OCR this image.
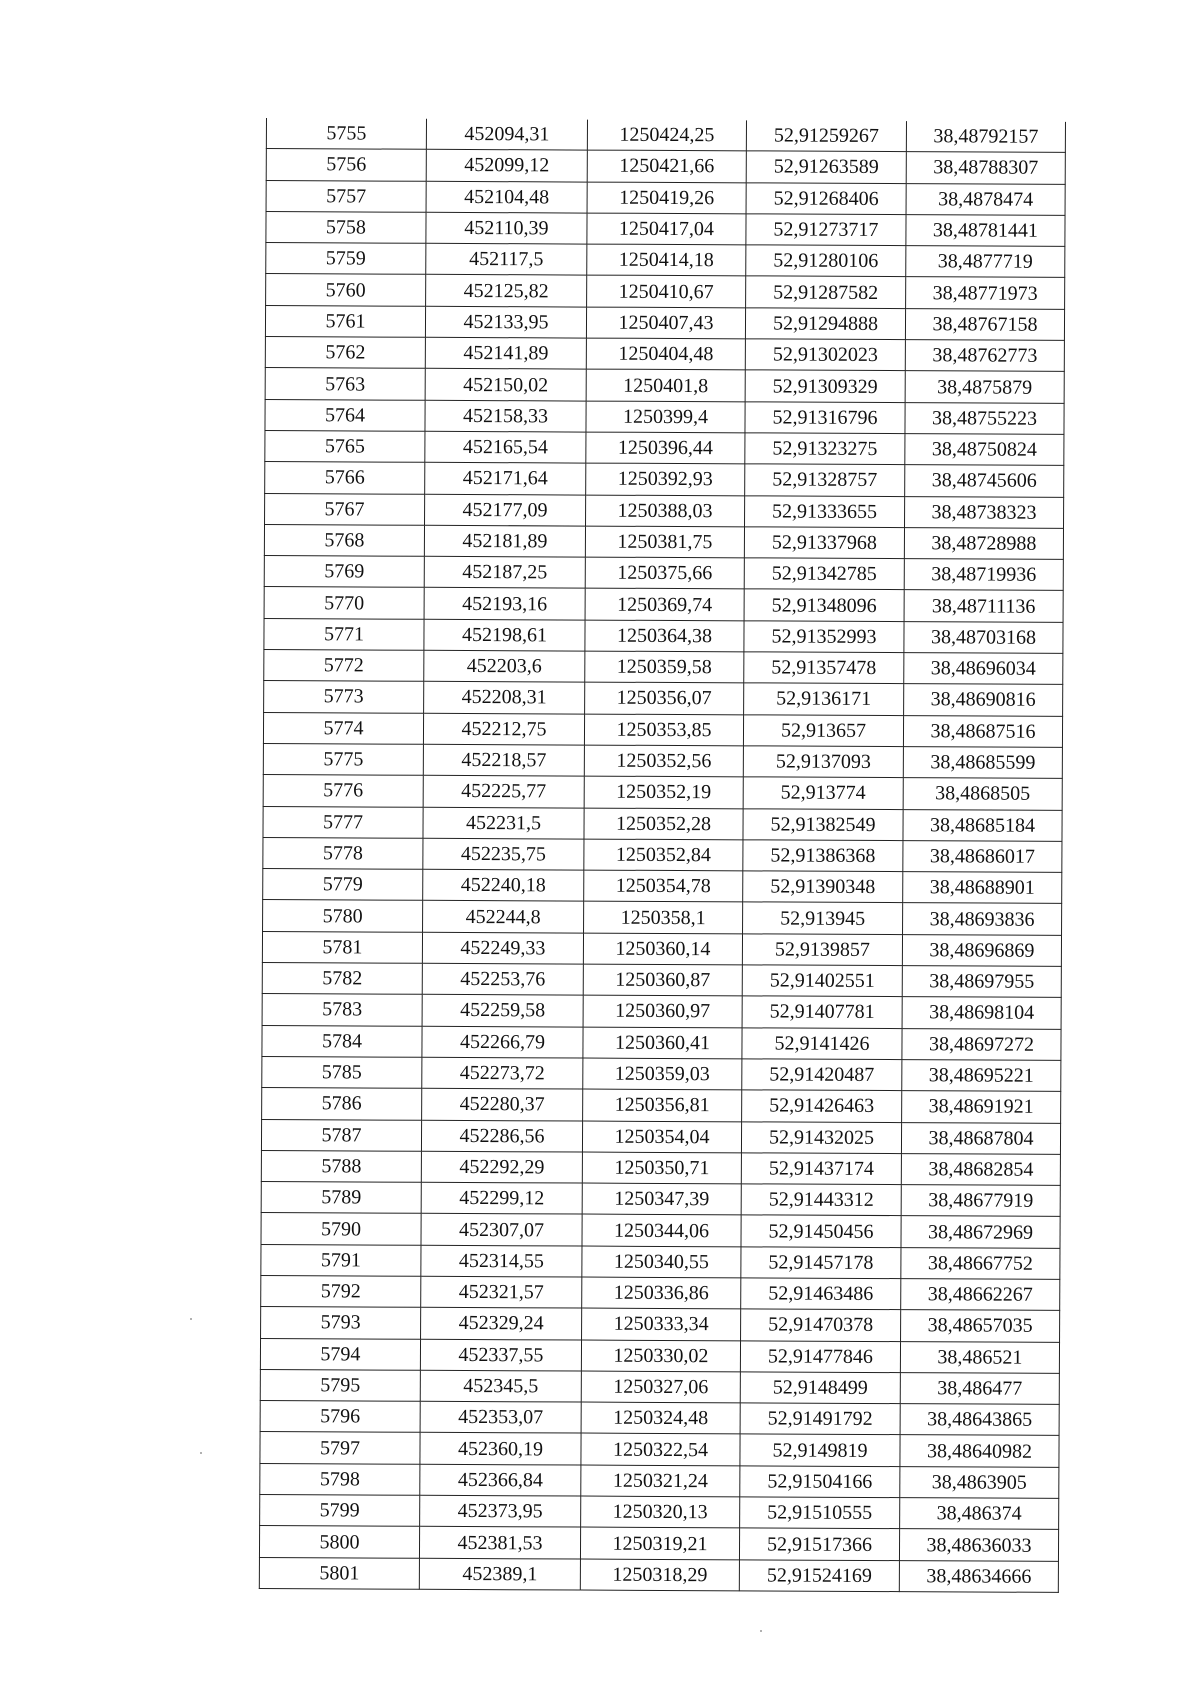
5755	452094,31	1250424,25	52,91259267	38,48792157
5756	452099,12	1250421,66	52,91263589	38,48788307
5757	452104,48	1250419,26	52,91268406	38,4878474
5758	452110,39	1250417,04	52,91273717	38,48781441
5759	452117,5	1250414,18	52,91280106	38,4877719
5760	452125,82	1250410,67	52,91287582	38,48771973
5761	452133,95	1250407,43	52,91294888	38,48767158
5762	452141,89	1250404,48	52,91302023	38,48762773
5763	452150,02	1250401,8	52,91309329	38,4875879
5764	452158,33	1250399,4	52,91316796	38,48755223
5765	452165,54	1250396,44	52,91323275	38,48750824
5766	452171,64	1250392,93	52,91328757	38,48745606
5767	452177,09	1250388,03	52,91333655	38,48738323
5768	452181,89	1250381,75	52,91337968	38,48728988
5769	452187,25	1250375,66	52,91342785	38,48719936
5770	452193,16	1250369,74	52,91348096	38,48711136
5771	452198,61	1250364,38	52,91352993	38,48703168
5772	452203,6	1250359,58	52,91357478	38,48696034
5773	452208,31	1250356,07	52,9136171	38,48690816
5774	452212,75	1250353,85	52,913657	38,48687516
5775	452218,57	1250352,56	52,9137093	38,48685599
5776	452225,77	1250352,19	52,913774	38,4868505
5777	452231,5	1250352,28	52,91382549	38,48685184
5778	452235,75	1250352,84	52,91386368	38,48686017
5779	452240,18	1250354,78	52,91390348	38,48688901
5780	452244,8	1250358,1	52,913945	38,48693836
5781	452249,33	1250360,14	52,9139857	38,48696869
5782	452253,76	1250360,87	52,91402551	38,48697955
5783	452259,58	1250360,97	52,91407781	38,48698104
5784	452266,79	1250360,41	52,9141426	38,48697272
5785	452273,72	1250359,03	52,91420487	38,48695221
5786	452280,37	1250356,81	52,91426463	38,48691921
5787	452286,56	1250354,04	52,91432025	38,48687804
5788	452292,29	1250350,71	52,91437174	38,48682854
5789	452299,12	1250347,39	52,91443312	38,48677919
5790	452307,07	1250344,06	52,91450456	38,48672969
5791	452314,55	1250340,55	52,91457178	38,48667752
5792	452321,57	1250336,86	52,91463486	38,48662267
5793	452329,24	1250333,34	52,91470378	38,48657035
5794	452337,55	1250330,02	52,91477846	38,486521
5795	452345,5	1250327,06	52,9148499	38,486477
5796	452353,07	1250324,48	52,91491792	38,48643865
5797	452360,19	1250322,54	52,9149819	38,48640982
5798	452366,84	1250321,24	52,91504166	38,4863905
5799	452373,95	1250320,13	52,91510555	38,486374
5800	452381,53	1250319,21	52,91517366	38,48636033
5801	452389,1	1250318,29	52,91524169	38,48634666
